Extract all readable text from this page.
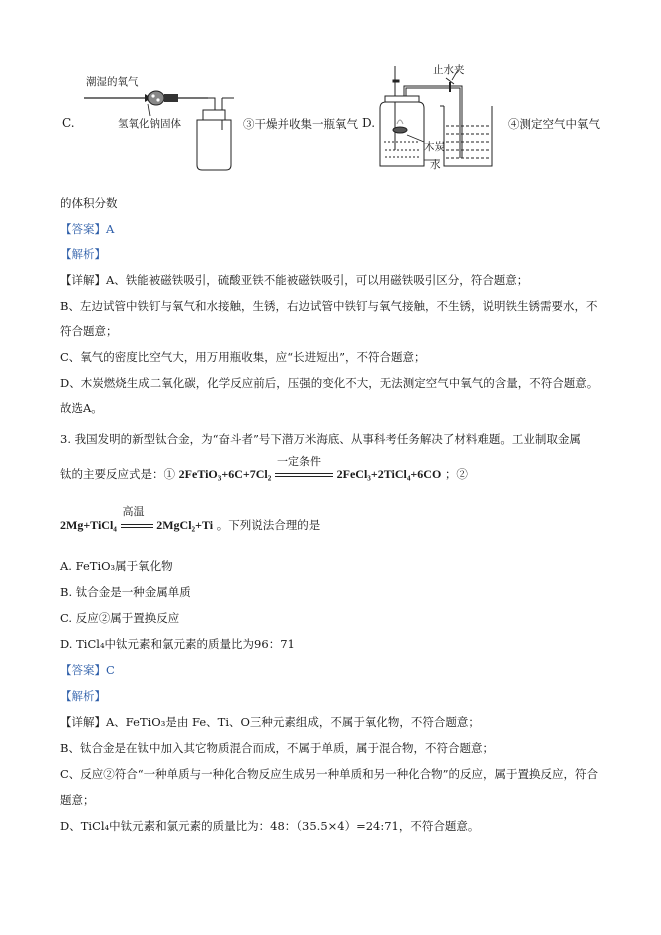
C.
潮湿的氧气
氢氧化钠固体	③干燥并收集一瓶氧气 D.
止水夹
木炭
水
④测定空气中氧气
的体积分数
【答案】A
【解析】
【详解】A、铁能被磁铁吸引，硫酸亚铁不能被磁铁吸引，可以用磁铁吸引区分，符合题意；
B、左边试管中铁钉与氧气和水接触，生锈，右边试管中铁钉与氧气接触，不生锈，说明铁生锈需要水，不
符合题意；
C、氧气的密度比空气大，用万用瓶收集，应“长进短出”，不符合题意；
D、木炭燃烧生成二氧化碳，化学反应前后，压强的变化不大，无法测定空气中氧气的含量，不符合题意。
故选A。
3. 我国发明的新型钛合金，为“奋斗者”号下潜万米海底、从事科考任务解决了材料难题。工业制取金属
钛的主要反应式是：① 2FeTiO₃+6C+7Cl₂
一定条件
2FeCl₃+2TiCl₄+6CO ；②
2Mg+TiCl₄
高温
2MgCl₂+Ti 。下列说法合理的是
A. FeTiO₃属于氧化物
B. 钛合金是一种金属单质
C. 反应②属于置换反应
D. TiCl₄中钛元素和氯元素的质量比为96：71
【答案】C
【解析】
【详解】A、FeTiO₃是由 Fe、Ti、O三种元素组成，不属于氧化物，不符合题意；
B、钛合金是在钛中加入其它物质混合而成，不属于单质，属于混合物，不符合题意；
C、反应②符合“一种单质与一种化合物反应生成另一种单质和另一种化合物”的反应，属于置换反应，符合
题意；
D、TiCl₄中钛元素和氯元素的质量比为：48：（35.5×4）=24:71，不符合题意。
